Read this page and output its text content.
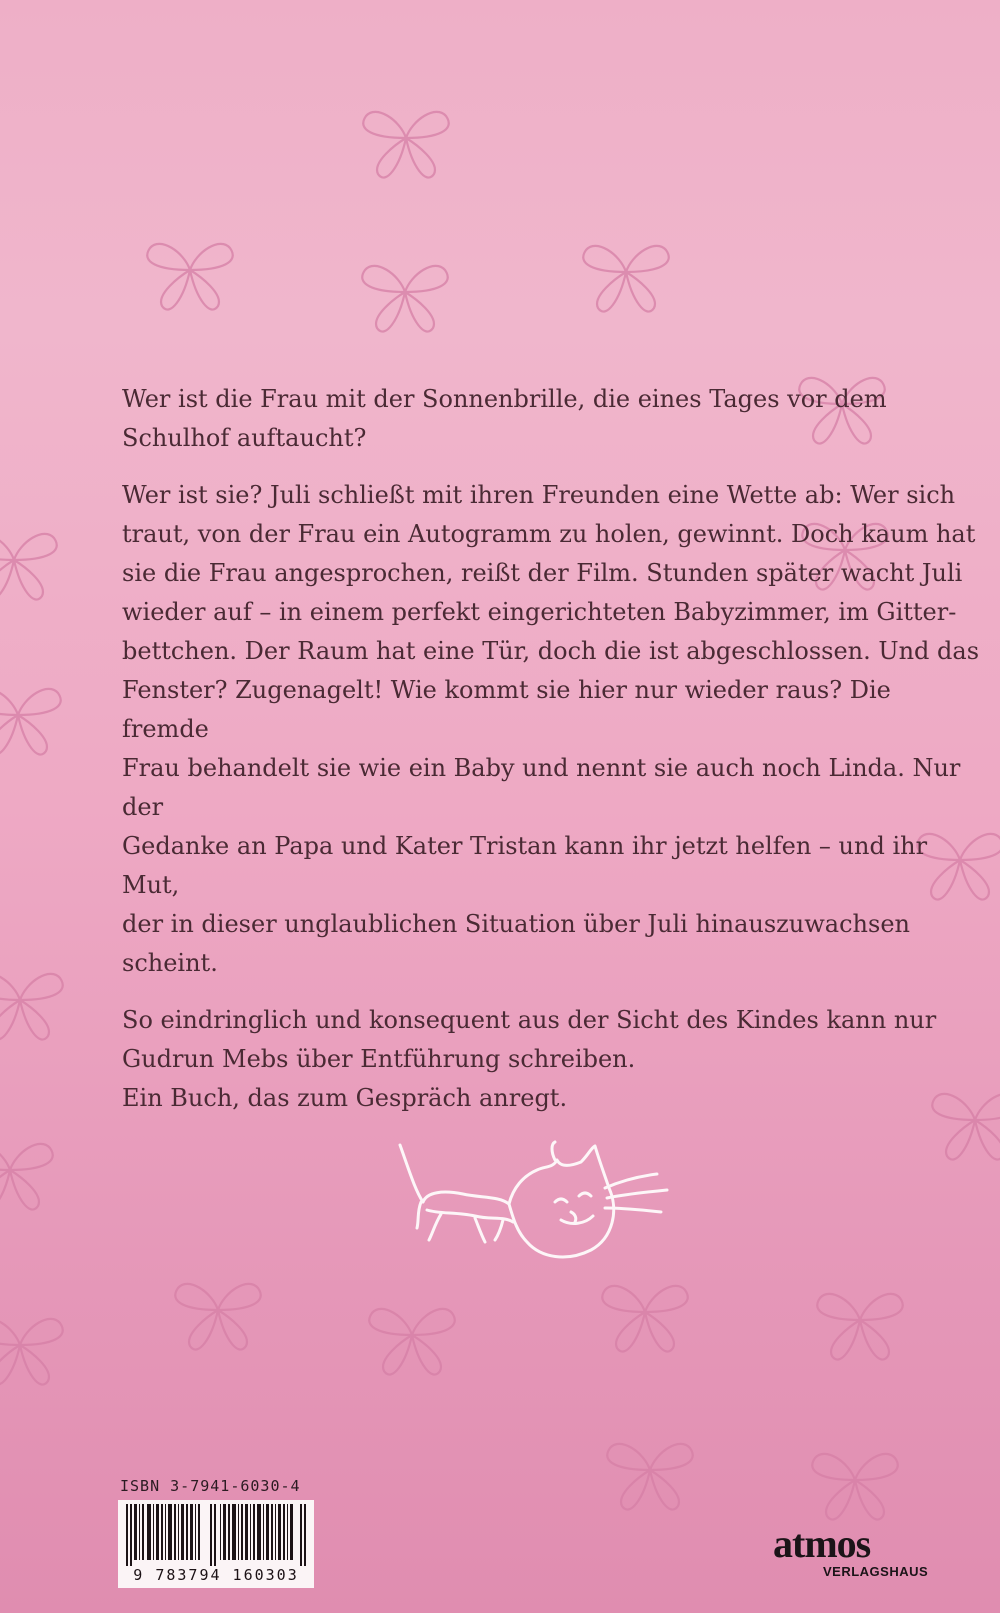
Wer ist die Frau mit der Sonnenbrille, die eines Tages vor dem
Schulhof auftaucht?

Wer ist sie? Juli schließt mit ihren Freunden eine Wette ab: Wer sich
traut, von der Frau ein Autogramm zu holen, gewinnt. Doch kaum hat
sie die Frau angesprochen, reißt der Film. Stunden später wacht Juli
wieder auf – in einem perfekt eingerichteten Babyzimmer, im Gitter-
bettchen. Der Raum hat eine Tür, doch die ist abgeschlossen. Und das
Fenster? Zugenagelt! Wie kommt sie hier nur wieder raus? Die fremde
Frau behandelt sie wie ein Baby und nennt sie auch noch Linda. Nur der
Gedanke an Papa und Kater Tristan kann ihr jetzt helfen – und ihr Mut,
der in dieser unglaublichen Situation über Juli hinauszuwachsen scheint.

So eindringlich und konsequent aus der Sicht des Kindes kann nur
Gudrun Mebs über Entführung schreiben.
Ein Buch, das zum Gespräch anregt.

ISBN 3-7941-6030-4
9 783794 160303
atmos
VERLAGSHAUS
